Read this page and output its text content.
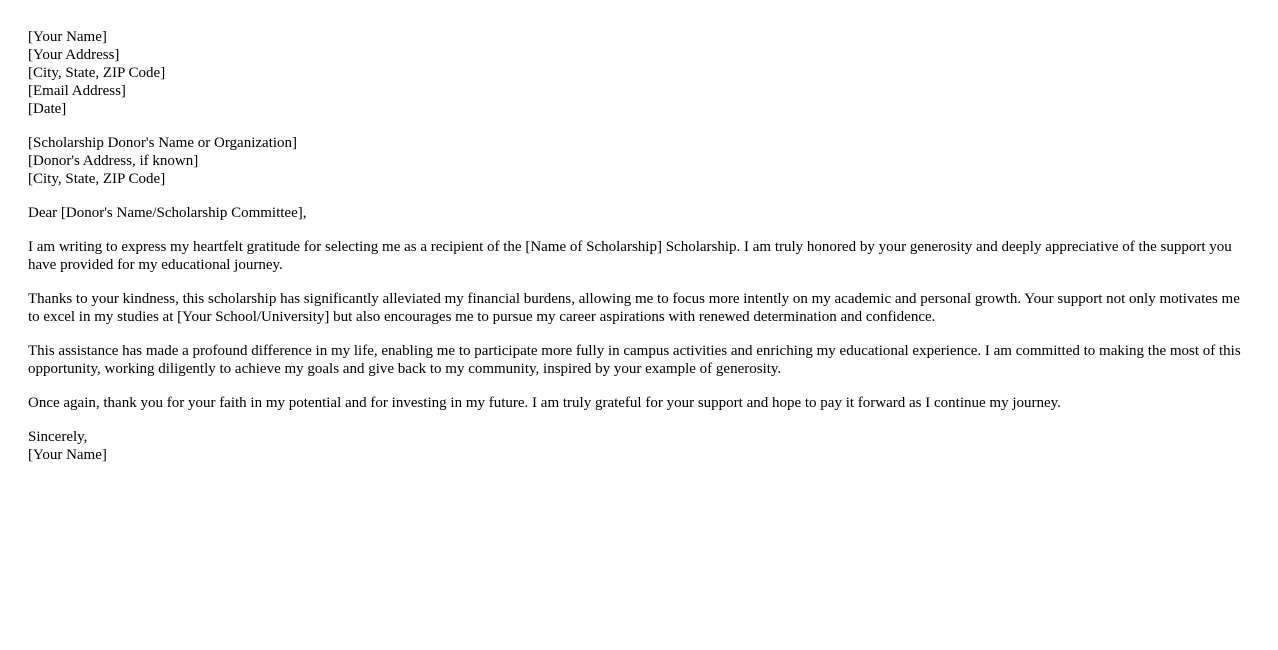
[Your Name]
[Your Address]
[City, State, ZIP Code]
[Email Address]
[Date]
[Scholarship Donor's Name or Organization]
[Donor's Address, if known]
[City, State, ZIP Code]

Dear [Donor's Name/Scholarship Committee],

I am writing to express my heartfelt gratitude for selecting me as a recipient of the [Name of Scholarship] Scholarship. I am truly honored by your generosity and deeply appreciative of the support you have provided for my educational journey.

Thanks to your kindness, this scholarship has significantly alleviated my financial burdens, allowing me to focus more intently on my academic and personal growth. Your support not only motivates me to excel in my studies at [Your School/University] but also encourages me to pursue my career aspirations with renewed determination and confidence.

This assistance has made a profound difference in my life, enabling me to participate more fully in campus activities and enriching my educational experience. I am committed to making the most of this opportunity, working diligently to achieve my goals and give back to my community, inspired by your example of generosity.

Once again, thank you for your faith in my potential and for investing in my future. I am truly grateful for your support and hope to pay it forward as I continue my journey.

Sincerely,
[Your Name]
